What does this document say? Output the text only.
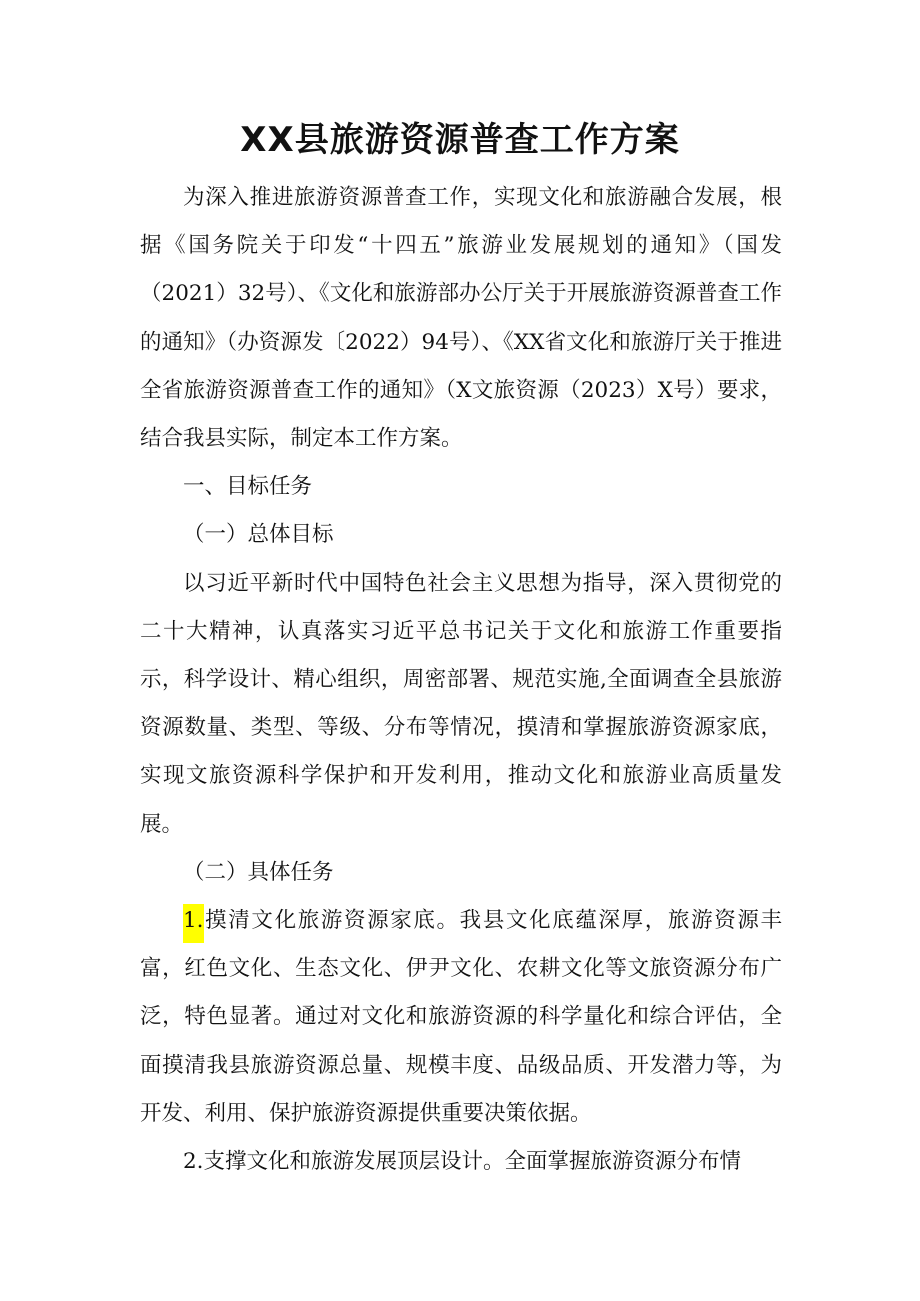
XX县旅游资源普查工作方案

为深入推进旅游资源普查工作，实现文化和旅游融合发展，根据《国务院关于印发“十四五”旅游业发展规划的通知》（国发（2021）32号）、《文化和旅游部办公厅关于开展旅游资源普查工作的通知》（办资源发〔2022）94号）、《XX省文化和旅游厅关于推进全省旅游资源普查工作的通知》（X文旅资源（2023）X号）要求，结合我县实际，制定本工作方案。

一、目标任务

（一）总体目标

以习近平新时代中国特色社会主义思想为指导，深入贯彻党的二十大精神，认真落实习近平总书记关于文化和旅游工作重要指示，科学设计、精心组织，周密部署、规范实施,全面调查全县旅游资源数量、类型、等级、分布等情况，摸清和掌握旅游资源家底，实现文旅资源科学保护和开发利用，推动文化和旅游业高质量发展。

（二）具体任务

1.摸清文化旅游资源家底。我县文化底蕴深厚，旅游资源丰富，红色文化、生态文化、伊尹文化、农耕文化等文旅资源分布广泛，特色显著。通过对文化和旅游资源的科学量化和综合评估，全面摸清我县旅游资源总量、规模丰度、品级品质、开发潜力等，为开发、利用、保护旅游资源提供重要决策依据。

2.支撑文化和旅游发展顶层设计。全面掌握旅游资源分布情
